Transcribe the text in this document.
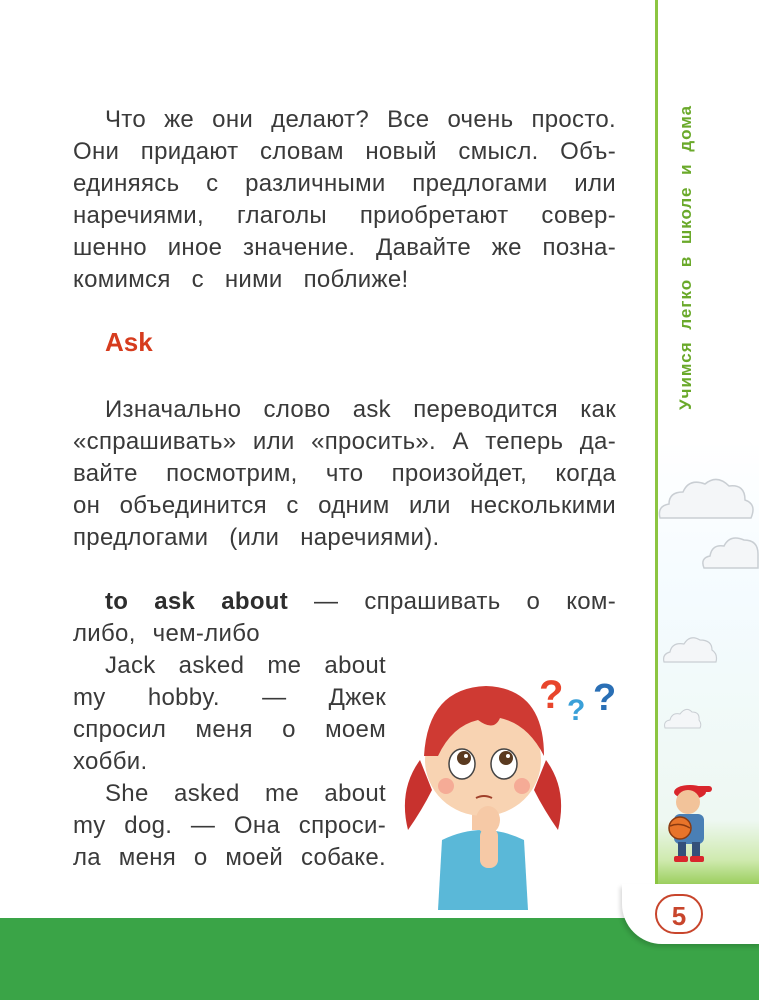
Учимся легко в школе и дома
Что же они делают? Все очень просто.
Они придают словам новый смысл. Объ-
единяясь с различными предлогами или
наречиями, глаголы приобретают совер-
шенно иное значение. Давайте же позна-
комимся с ними поближе!
Ask
Изначально слово ask переводится как
«спрашивать» или «просить». А теперь да-
вайте посмотрим, что произойдет, когда
он объединится с одним или несколькими
предлогами (или наречиями).
to ask about — спрашивать о ком-
либо, чем-либо
Jack asked me about
my hobby. — Джек
спросил меня о моем
хобби.
She asked me about
my dog. — Она спроси-
ла меня о моей собаке.
? ? ?
5
